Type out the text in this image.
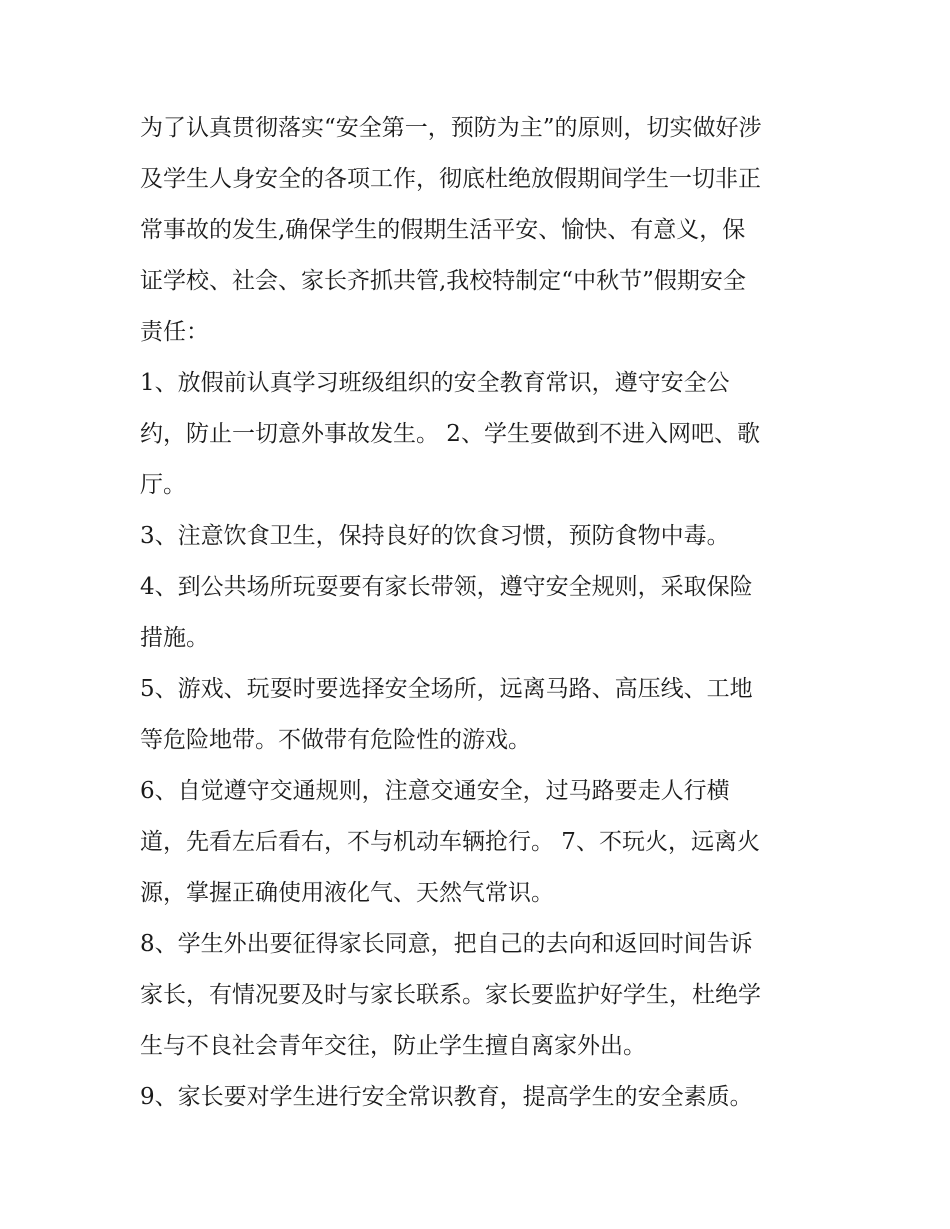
为了认真贯彻落实“安全第一，预防为主”的原则，切实做好涉
及学生人身安全的各项工作，彻底杜绝放假期间学生一切非正
常事故的发生,确保学生的假期生活平安、愉快、有意义，保
证学校、社会、家长齐抓共管,我校特制定“中秋节”假期安全
责任：
1、放假前认真学习班级组织的安全教育常识，遵守安全公
约，防止一切意外事故发生。 2、学生要做到不进入网吧、歌
厅。
3、注意饮食卫生，保持良好的饮食习惯，预防食物中毒。
4、到公共场所玩耍要有家长带领，遵守安全规则，采取保险
措施。
5、游戏、玩耍时要选择安全场所，远离马路、高压线、工地
等危险地带。不做带有危险性的游戏。
6、自觉遵守交通规则，注意交通安全，过马路要走人行横
道，先看左后看右，不与机动车辆抢行。 7、不玩火，远离火
源，掌握正确使用液化气、天然气常识。
8、学生外出要征得家长同意，把自己的去向和返回时间告诉
家长，有情况要及时与家长联系。家长要监护好学生，杜绝学
生与不良社会青年交往，防止学生擅自离家外出。
9、家长要对学生进行安全常识教育，提高学生的安全素质。
